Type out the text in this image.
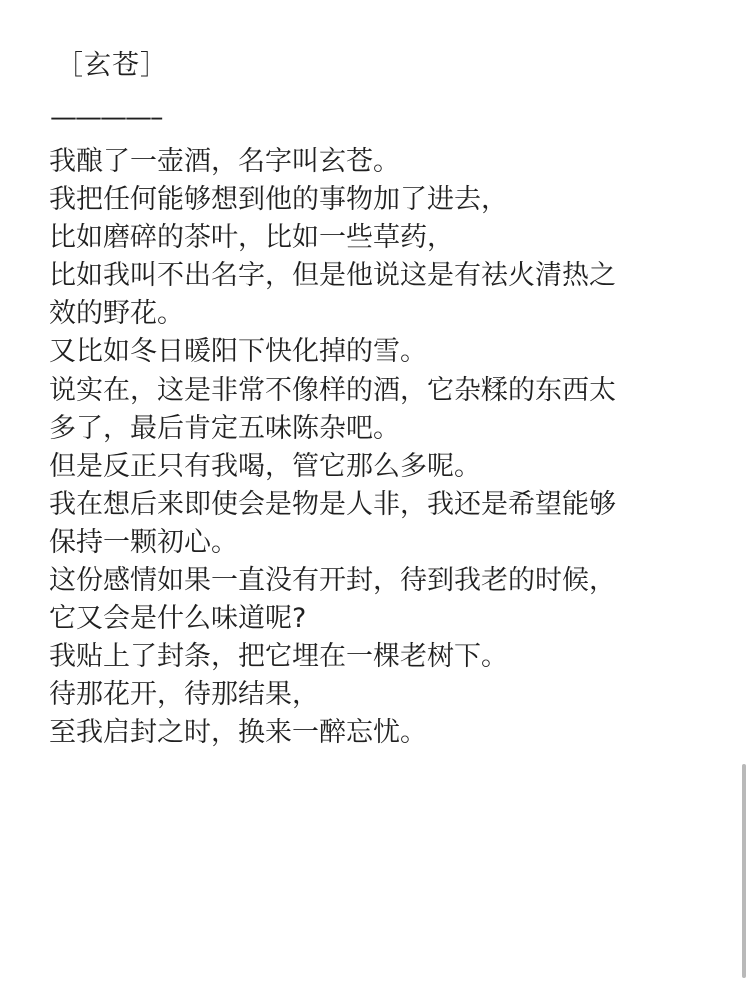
［玄苍］
————–
我酿了一壶酒，名字叫玄苍。
我把任何能够想到他的事物加了进去，
比如磨碎的茶叶，比如一些草药，
比如我叫不出名字，但是他说这是有祛火清热之
效的野花。
又比如冬日暖阳下快化掉的雪。
说实在，这是非常不像样的酒，它杂糅的东西太
多了，最后肯定五味陈杂吧。
但是反正只有我喝，管它那么多呢。
我在想后来即使会是物是人非，我还是希望能够
保持一颗初心。
这份感情如果一直没有开封，待到我老的时候，
它又会是什么味道呢?
我贴上了封条，把它埋在一棵老树下。
待那花开，待那结果，
至我启封之时，换来一醉忘忧。
